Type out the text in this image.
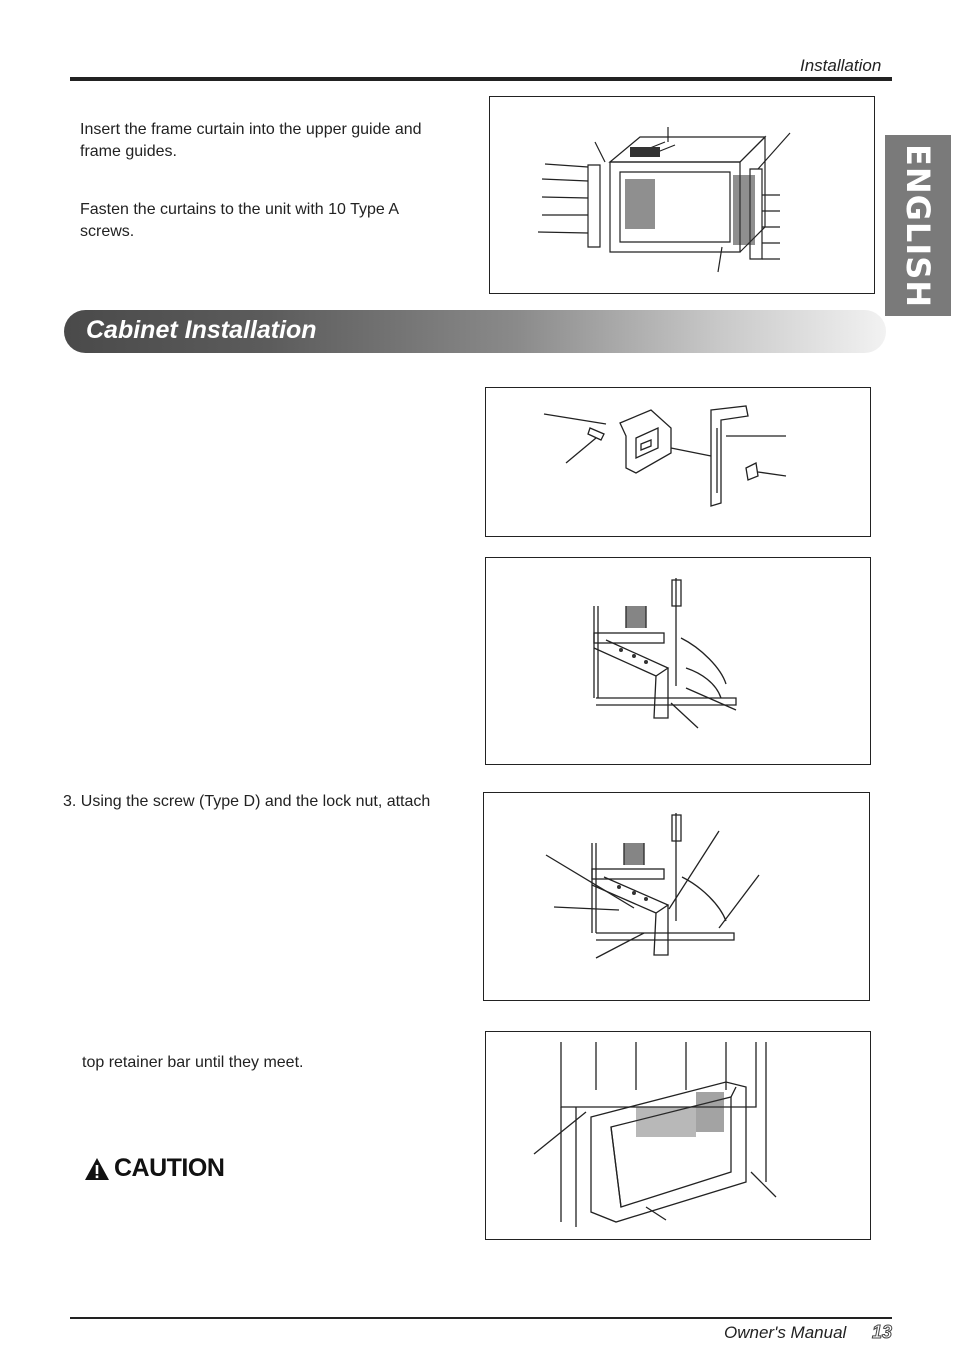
Installation
ENGLISH
Insert the frame curtain into the upper guide and frame guides.
Fasten the curtains to the unit with 10 Type A screws.
Cabinet Installation
3. Using the screw (Type D) and the lock nut, attach
top retainer bar until they meet.
CAUTION
Owner's Manual 13
